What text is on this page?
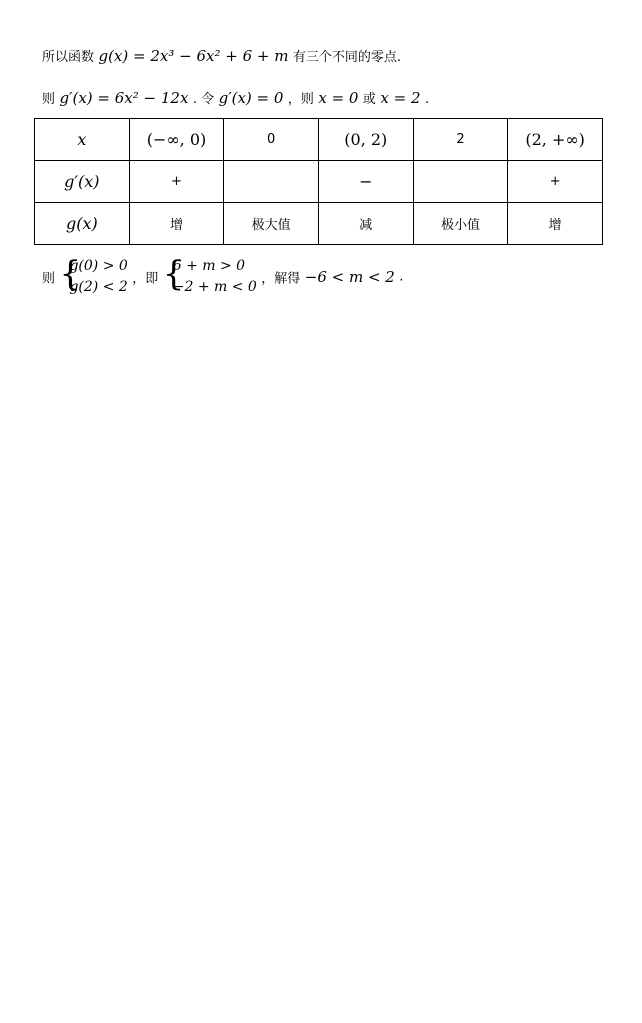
所以函数 g(x) = 2x³ − 6x² + 6 + m 有三个不同的零点.
则 g′(x) = 6x² − 12x . 令 g′(x) = 0 ，则 x = 0 或 x = 2 .
x	(−∞, 0)	0	(0, 2)	2	(2, +∞)
g′(x)	+		−		+
g(x)	增	极大值	减	极小值	增
则 {
g(0) > 0
g(2) < 2 ，即 {
6 + m > 0
−2 + m < 0 ，解得 −6 < m < 2 .
